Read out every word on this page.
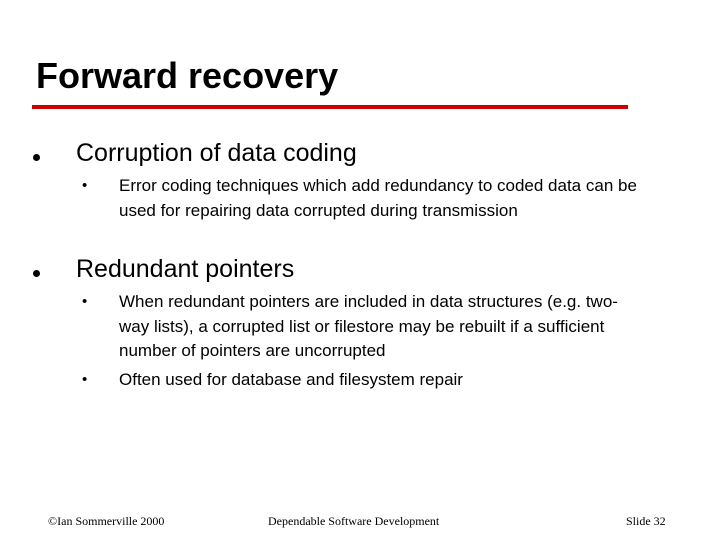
Forward recovery
Corruption of data coding
• Error coding techniques which add redundancy to coded data can be used for repairing data corrupted during transmission
Redundant pointers
• When redundant pointers are included in data structures (e.g. two-way lists), a corrupted list or filestore may be rebuilt if a sufficient number of pointers are uncorrupted
• Often used for database and filesystem repair
©Ian Sommerville 2000	Dependable Software Development	Slide 32
